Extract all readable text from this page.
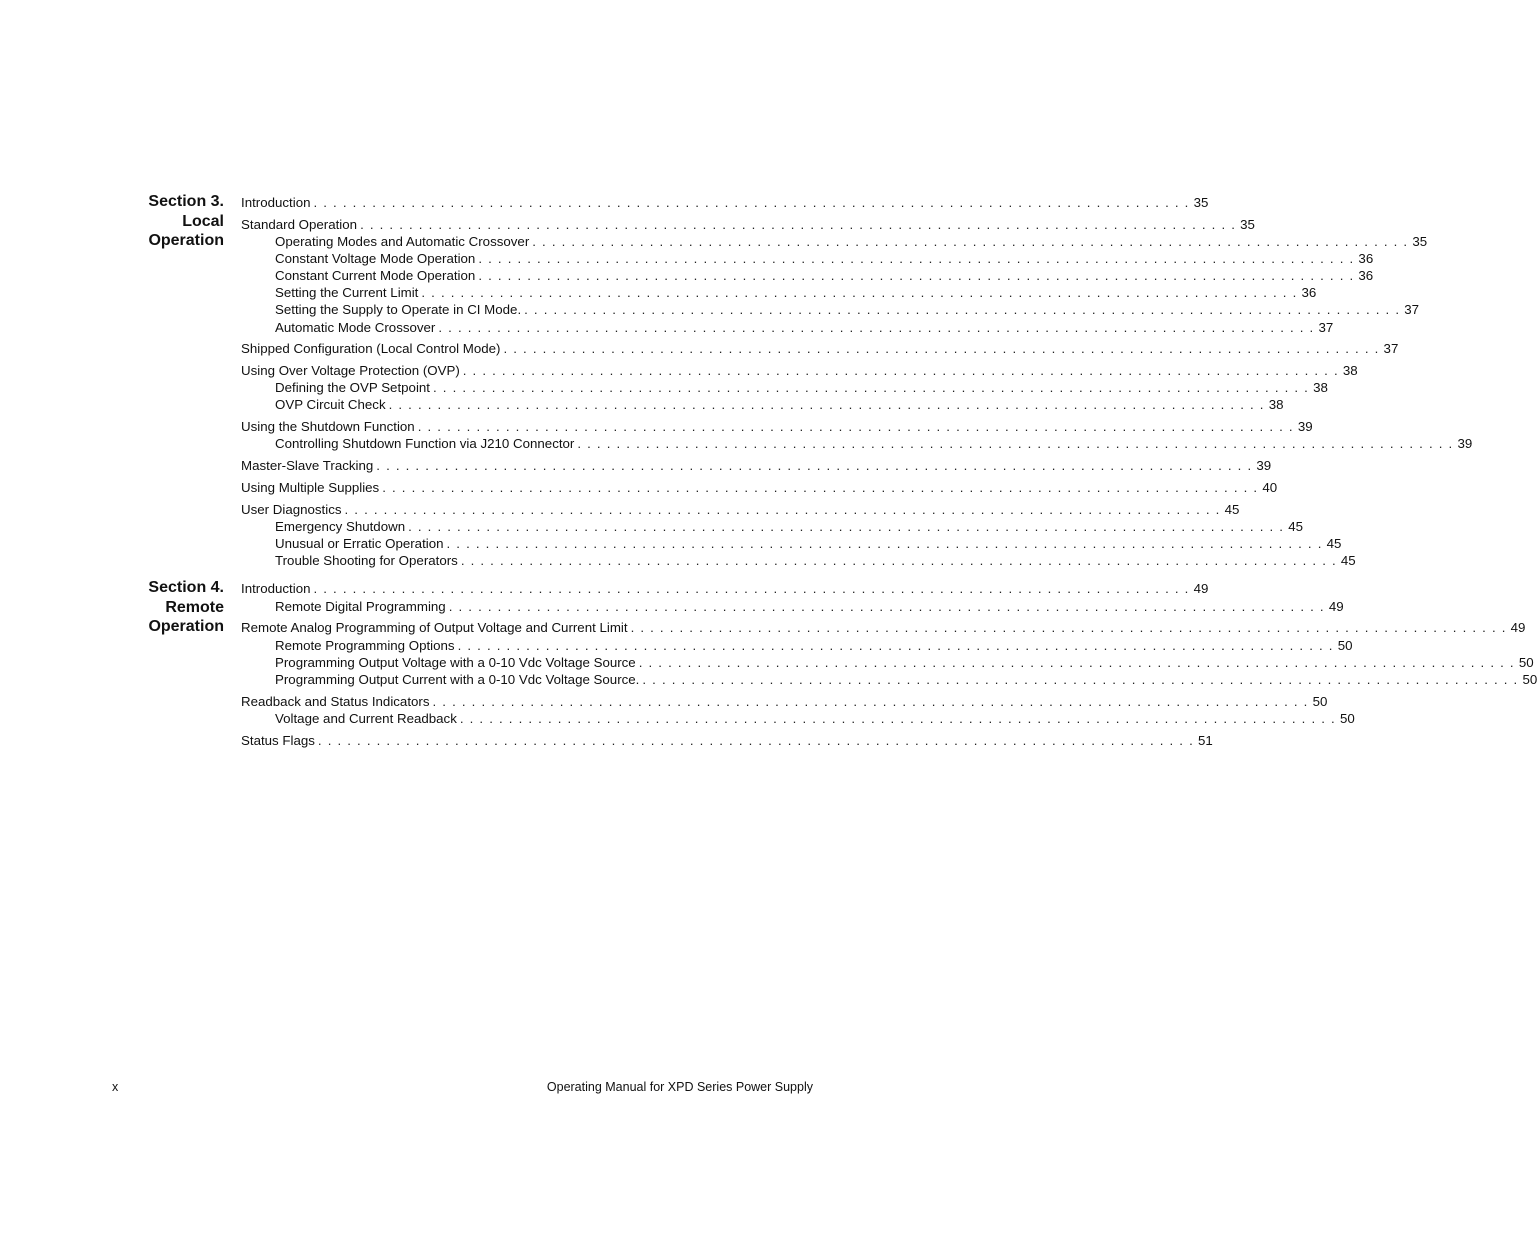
Section 3.
Local
Operation
Introduction . . . . . . . . . . . . . . . . . . . . . . . . . . . . . . . . . . . . . . . . . . . . . . . . . . . . . . . . . . . . . . . . . . . . . . . . . . . . . . . . . . . . . . . . . . 35
Standard Operation . . . . . . . . . . . . . . . . . . . . . . . . . . . . . . . . . . . . . . . . . . . . . . . . . . . . . . . . . . . . . . . . . . . . . . . . . . . . . . . . . . . . . . . . . . 35
Operating Modes and Automatic Crossover . . . . . . . . . . . . . . . . . . . . . . . . . . . . . . . . . . . . . . . . . . . . . . . . . . . . . . . . . . . . . . . . . . . . . . . . . . . . . . . . . . . . . . . . . . 35
Constant Voltage Mode Operation . . . . . . . . . . . . . . . . . . . . . . . . . . . . . . . . . . . . . . . . . . . . . . . . . . . . . . . . . . . . . . . . . . . . . . . . . . . . . . . . . . . . . . . . . . 36
Constant Current Mode Operation . . . . . . . . . . . . . . . . . . . . . . . . . . . . . . . . . . . . . . . . . . . . . . . . . . . . . . . . . . . . . . . . . . . . . . . . . . . . . . . . . . . . . . . . . . 36
Setting the Current Limit . . . . . . . . . . . . . . . . . . . . . . . . . . . . . . . . . . . . . . . . . . . . . . . . . . . . . . . . . . . . . . . . . . . . . . . . . . . . . . . . . . . . . . . . . . 36
Setting the Supply to Operate in CI Mode. . . . . . . . . . . . . . . . . . . . . . . . . . . . . . . . . . . . . . . . . . . . . . . . . . . . . . . . . . . . . . . . . . . . . . . . . . . . . . . . . . . . . . . . . . . 37
Automatic Mode Crossover . . . . . . . . . . . . . . . . . . . . . . . . . . . . . . . . . . . . . . . . . . . . . . . . . . . . . . . . . . . . . . . . . . . . . . . . . . . . . . . . . . . . . . . . . . 37
Shipped Configuration (Local Control Mode) . . . . . . . . . . . . . . . . . . . . . . . . . . . . . . . . . . . . . . . . . . . . . . . . . . . . . . . . . . . . . . . . . . . . . . . . . . . . . . . . . . . . . . . . . . 37
Using Over Voltage Protection (OVP) . . . . . . . . . . . . . . . . . . . . . . . . . . . . . . . . . . . . . . . . . . . . . . . . . . . . . . . . . . . . . . . . . . . . . . . . . . . . . . . . . . . . . . . . . . 38
Defining the OVP Setpoint . . . . . . . . . . . . . . . . . . . . . . . . . . . . . . . . . . . . . . . . . . . . . . . . . . . . . . . . . . . . . . . . . . . . . . . . . . . . . . . . . . . . . . . . . . 38
OVP Circuit Check . . . . . . . . . . . . . . . . . . . . . . . . . . . . . . . . . . . . . . . . . . . . . . . . . . . . . . . . . . . . . . . . . . . . . . . . . . . . . . . . . . . . . . . . . . 38
Using the Shutdown Function . . . . . . . . . . . . . . . . . . . . . . . . . . . . . . . . . . . . . . . . . . . . . . . . . . . . . . . . . . . . . . . . . . . . . . . . . . . . . . . . . . . . . . . . . . 39
Controlling Shutdown Function via J210 Connector . . . . . . . . . . . . . . . . . . . . . . . . . . . . . . . . . . . . . . . . . . . . . . . . . . . . . . . . . . . . . . . . . . . . . . . . . . . . . . . . . . . . . . . . . . 39
Master-Slave Tracking . . . . . . . . . . . . . . . . . . . . . . . . . . . . . . . . . . . . . . . . . . . . . . . . . . . . . . . . . . . . . . . . . . . . . . . . . . . . . . . . . . . . . . . . . . 39
Using Multiple Supplies . . . . . . . . . . . . . . . . . . . . . . . . . . . . . . . . . . . . . . . . . . . . . . . . . . . . . . . . . . . . . . . . . . . . . . . . . . . . . . . . . . . . . . . . . . 40
User Diagnostics . . . . . . . . . . . . . . . . . . . . . . . . . . . . . . . . . . . . . . . . . . . . . . . . . . . . . . . . . . . . . . . . . . . . . . . . . . . . . . . . . . . . . . . . . . 45
Emergency Shutdown . . . . . . . . . . . . . . . . . . . . . . . . . . . . . . . . . . . . . . . . . . . . . . . . . . . . . . . . . . . . . . . . . . . . . . . . . . . . . . . . . . . . . . . . . . 45
Unusual or Erratic Operation . . . . . . . . . . . . . . . . . . . . . . . . . . . . . . . . . . . . . . . . . . . . . . . . . . . . . . . . . . . . . . . . . . . . . . . . . . . . . . . . . . . . . . . . . . 45
Trouble Shooting for Operators . . . . . . . . . . . . . . . . . . . . . . . . . . . . . . . . . . . . . . . . . . . . . . . . . . . . . . . . . . . . . . . . . . . . . . . . . . . . . . . . . . . . . . . . . . 45
Section 4.
Remote
Operation
Introduction . . . . . . . . . . . . . . . . . . . . . . . . . . . . . . . . . . . . . . . . . . . . . . . . . . . . . . . . . . . . . . . . . . . . . . . . . . . . . . . . . . . . . . . . . . 49
Remote Digital Programming . . . . . . . . . . . . . . . . . . . . . . . . . . . . . . . . . . . . . . . . . . . . . . . . . . . . . . . . . . . . . . . . . . . . . . . . . . . . . . . . . . . . . . . . . . 49
Remote Analog Programming of Output Voltage and Current Limit . . . . . . . . . . . . . . . . . . . . . . . . . . . . . . . . . . . . . . . . . . . . . . . . . . . . . . . . . . . . . . . . . . . . . . . . . . . . . . . . . . . . . . . . . . 49
Remote Programming Options . . . . . . . . . . . . . . . . . . . . . . . . . . . . . . . . . . . . . . . . . . . . . . . . . . . . . . . . . . . . . . . . . . . . . . . . . . . . . . . . . . . . . . . . . . 50
Programming Output Voltage with a 0-10 Vdc Voltage Source . . . . . . . . . . . . . . . . . . . . . . . . . . . . . . . . . . . . . . . . . . . . . . . . . . . . . . . . . . . . . . . . . . . . . . . . . . . . . . . . . . . . . . . . . . 50
Programming Output Current with a 0-10 Vdc Voltage Source. . . . . . . . . . . . . . . . . . . . . . . . . . . . . . . . . . . . . . . . . . . . . . . . . . . . . . . . . . . . . . . . . . . . . . . . . . . . . . . . . . . . . . . . . . . 50
Readback and Status Indicators . . . . . . . . . . . . . . . . . . . . . . . . . . . . . . . . . . . . . . . . . . . . . . . . . . . . . . . . . . . . . . . . . . . . . . . . . . . . . . . . . . . . . . . . . . 50
Voltage and Current Readback . . . . . . . . . . . . . . . . . . . . . . . . . . . . . . . . . . . . . . . . . . . . . . . . . . . . . . . . . . . . . . . . . . . . . . . . . . . . . . . . . . . . . . . . . . 50
Status Flags . . . . . . . . . . . . . . . . . . . . . . . . . . . . . . . . . . . . . . . . . . . . . . . . . . . . . . . . . . . . . . . . . . . . . . . . . . . . . . . . . . . . . . . . . . 51
x	Operating Manual for XPD Series Power Supply
